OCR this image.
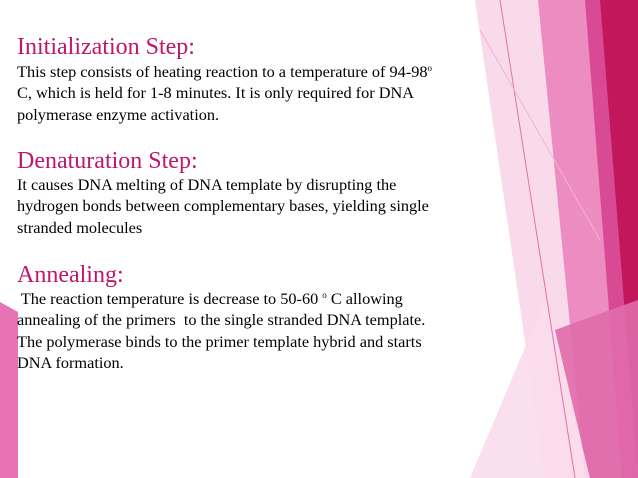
Initialization Step:
This step consists of heating reaction to a temperature of 94-98$^o$
C, which is held for 1-8 minutes. It is only required for DNA
polymerase enzyme activation.
Denaturation Step:
It causes DNA melting of DNA template by disrupting the
hydrogen bonds between complementary bases, yielding single
stranded molecules
Annealing:
The reaction temperature is decrease to 50-60 $^o$ C allowing
annealing of the primers  to the single stranded DNA template.
The polymerase binds to the primer template hybrid and starts
DNA formation.
